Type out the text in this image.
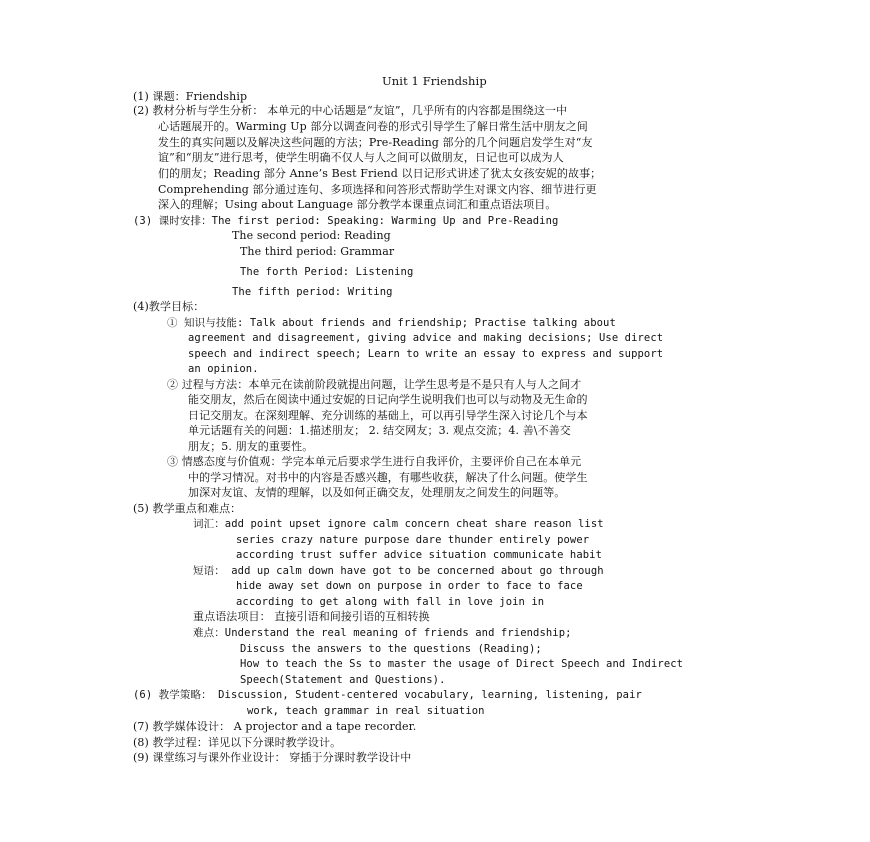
Unit 1 Friendship
(1) 课题：Friendship
(2) 教材分析与学生分析： 本单元的中心话题是“友谊”，几乎所有的内容都是围绕这一中
心话题展开的。Warming Up 部分以调查问卷的形式引导学生了解日常生活中朋友之间
发生的真实问题以及解决这些问题的方法；Pre-Reading 部分的几个问题启发学生对“友
谊”和“朋友”进行思考，使学生明确不仅人与人之间可以做朋友，日记也可以成为人
们的朋友；Reading 部分 Anne’s Best Friend 以日记形式讲述了犹太女孩安妮的故事；
Comprehending 部分通过连句、多项选择和问答形式帮助学生对课文内容、细节进行更
深入的理解；Using about Language 部分教学本课重点词汇和重点语法项目。
(3) 课时安排：The first period: Speaking: Warming Up and Pre-Reading
The second period: Reading
The third period: Grammar
The forth Period: Listening
The fifth period: Writing
(4)教学目标：
① 知识与技能: Talk about friends and friendship; Practise talking about
agreement and disagreement, giving advice and making decisions; Use direct
speech and indirect speech; Learn to write an essay to express and support
an opinion.
② 过程与方法：本单元在读前阶段就提出问题，让学生思考是不是只有人与人之间才
能交朋友，然后在阅读中通过安妮的日记向学生说明我们也可以与动物及无生命的
日记交朋友。在深刻理解、充分训练的基础上，可以再引导学生深入讨论几个与本
单元话题有关的问题：1.描述朋友； 2. 结交网友；3. 观点交流；4. 善\不善交
朋友；5. 朋友的重要性。
③ 情感态度与价值观：学完本单元后要求学生进行自我评价，主要评价自己在本单元
中的学习情况。对书中的内容是否感兴趣，有哪些收获，解决了什么问题。使学生
加深对友谊、友情的理解，以及如何正确交友，处理朋友之间发生的问题等。
(5) 教学重点和难点：
词汇：add point upset ignore calm concern cheat share reason list
series crazy nature purpose dare thunder entirely power
according trust suffer advice situation communicate habit
短语： add up calm down have got to be concerned about go through
hide away set down on purpose in order to face to face
according to get along with fall in love join in
重点语法项目： 直接引语和间接引语的互相转换
难点：Understand the real meaning of friends and friendship;
Discuss the answers to the questions (Reading);
How to teach the Ss to master the usage of Direct Speech and Indirect
Speech(Statement and Questions).
(6) 教学策略： Discussion, Student-centered vocabulary, learning, listening, pair
work, teach grammar in real situation
(7) 教学媒体设计： A projector and a tape recorder.
(8) 教学过程：详见以下分课时教学设计。
(9) 课堂练习与课外作业设计： 穿插于分课时教学设计中
